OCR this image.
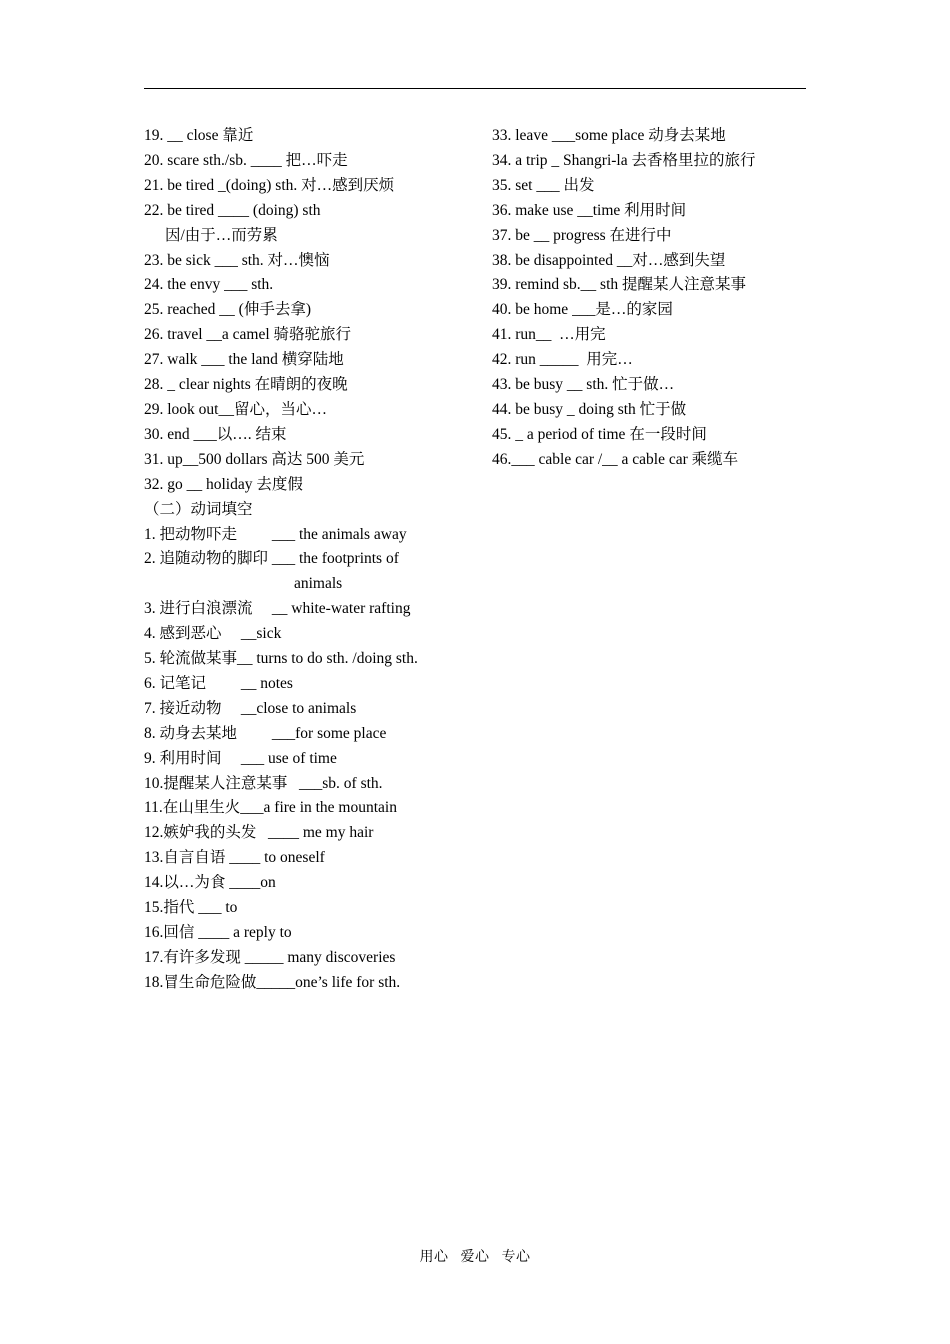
19. __ close 靠近
20. scare sth./sb. ____ 把…吓走
21. be tired _(doing) sth. 对…感到厌烦
22. be tired ____ (doing) sth
因/由于…而劳累
23. be sick ___ sth. 对…懊恼
24. the envy ___ sth.
25. reached __ (伸手去拿)
26. travel __a camel 骑骆驼旅行
27. walk ___ the land 横穿陆地
28. _ clear nights 在晴朗的夜晚
29. look out__留心，当心…
30. end ___以…. 结束
31. up__500 dollars 高达 500 美元
32. go __ holiday 去度假
（二）动词填空
1. 把动物吓走         ___ the animals away
2. 追随动物的脚印 ___ the footprints of
animals
3. 进行白浪漂流     __ white-water rafting
4. 感到恶心     __sick
5. 轮流做某事__ turns to do sth. /doing sth.
6. 记笔记         __ notes
7. 接近动物     __close to animals
8. 动身去某地         ___for some place
9. 利用时间     ___ use of time
10.提醒某人注意某事   ___sb. of sth.
11.在山里生火___a fire in the mountain
12.嫉妒我的头发   ____ me my hair
13.自言自语 ____ to oneself
14.以…为食 ____on
15.指代 ___ to
16.回信 ____ a reply to
17.有许多发现 _____ many discoveries
18.冒生命危险做_____one’s life for sth.
33. leave ___some place 动身去某地
34. a trip _ Shangri-la 去香格里拉的旅行
35. set ___ 出发
36. make use __time 利用时间
37. be __ progress 在进行中
38. be disappointed __对…感到失望
39. remind sb.__ sth 提醒某人注意某事
40. be home ___是…的家园
41. run__  …用完
42. run _____  用完…
43. be busy __ sth. 忙于做…
44. be busy _ doing sth 忙于做
45. _ a period of time 在一段时间
46.___ cable car /__ a cable car 乘缆车
用心   爱心   专心
